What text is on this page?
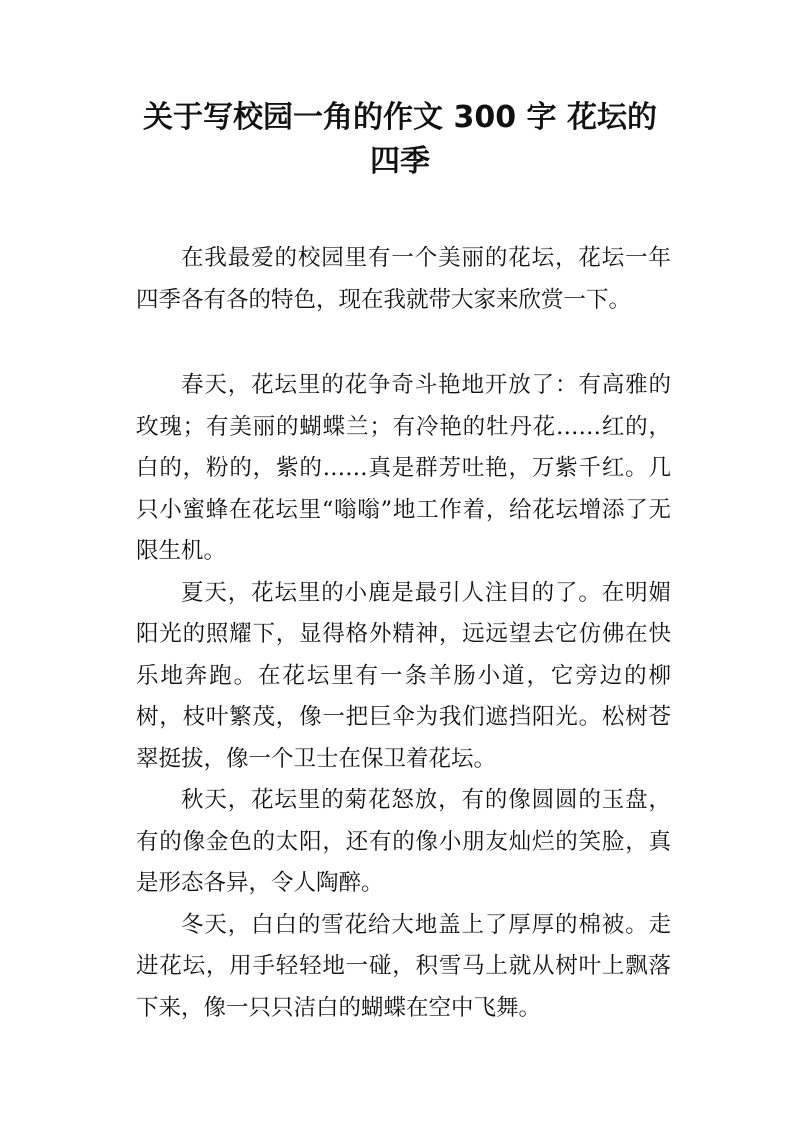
关于写校园一角的作文 300 字 花坛的
四季

在我最爱的校园里有一个美丽的花坛，花坛一年四季各有各的特色，现在我就带大家来欣赏一下。

春天，花坛里的花争奇斗艳地开放了：有高雅的玫瑰；有美丽的蝴蝶兰；有冷艳的牡丹花……红的，白的，粉的，紫的……真是群芳吐艳，万紫千红。几只小蜜蜂在花坛里“嗡嗡”地工作着，给花坛增添了无限生机。

夏天，花坛里的小鹿是最引人注目的了。在明媚阳光的照耀下，显得格外精神，远远望去它仿佛在快乐地奔跑。在花坛里有一条羊肠小道，它旁边的柳树，枝叶繁茂，像一把巨伞为我们遮挡阳光。松树苍翠挺拔，像一个卫士在保卫着花坛。

秋天，花坛里的菊花怒放，有的像圆圆的玉盘，有的像金色的太阳，还有的像小朋友灿烂的笑脸，真是形态各异，令人陶醉。

冬天，白白的雪花给大地盖上了厚厚的棉被。走进花坛，用手轻轻地一碰，积雪马上就从树叶上飘落下来，像一只只洁白的蝴蝶在空中飞舞。
